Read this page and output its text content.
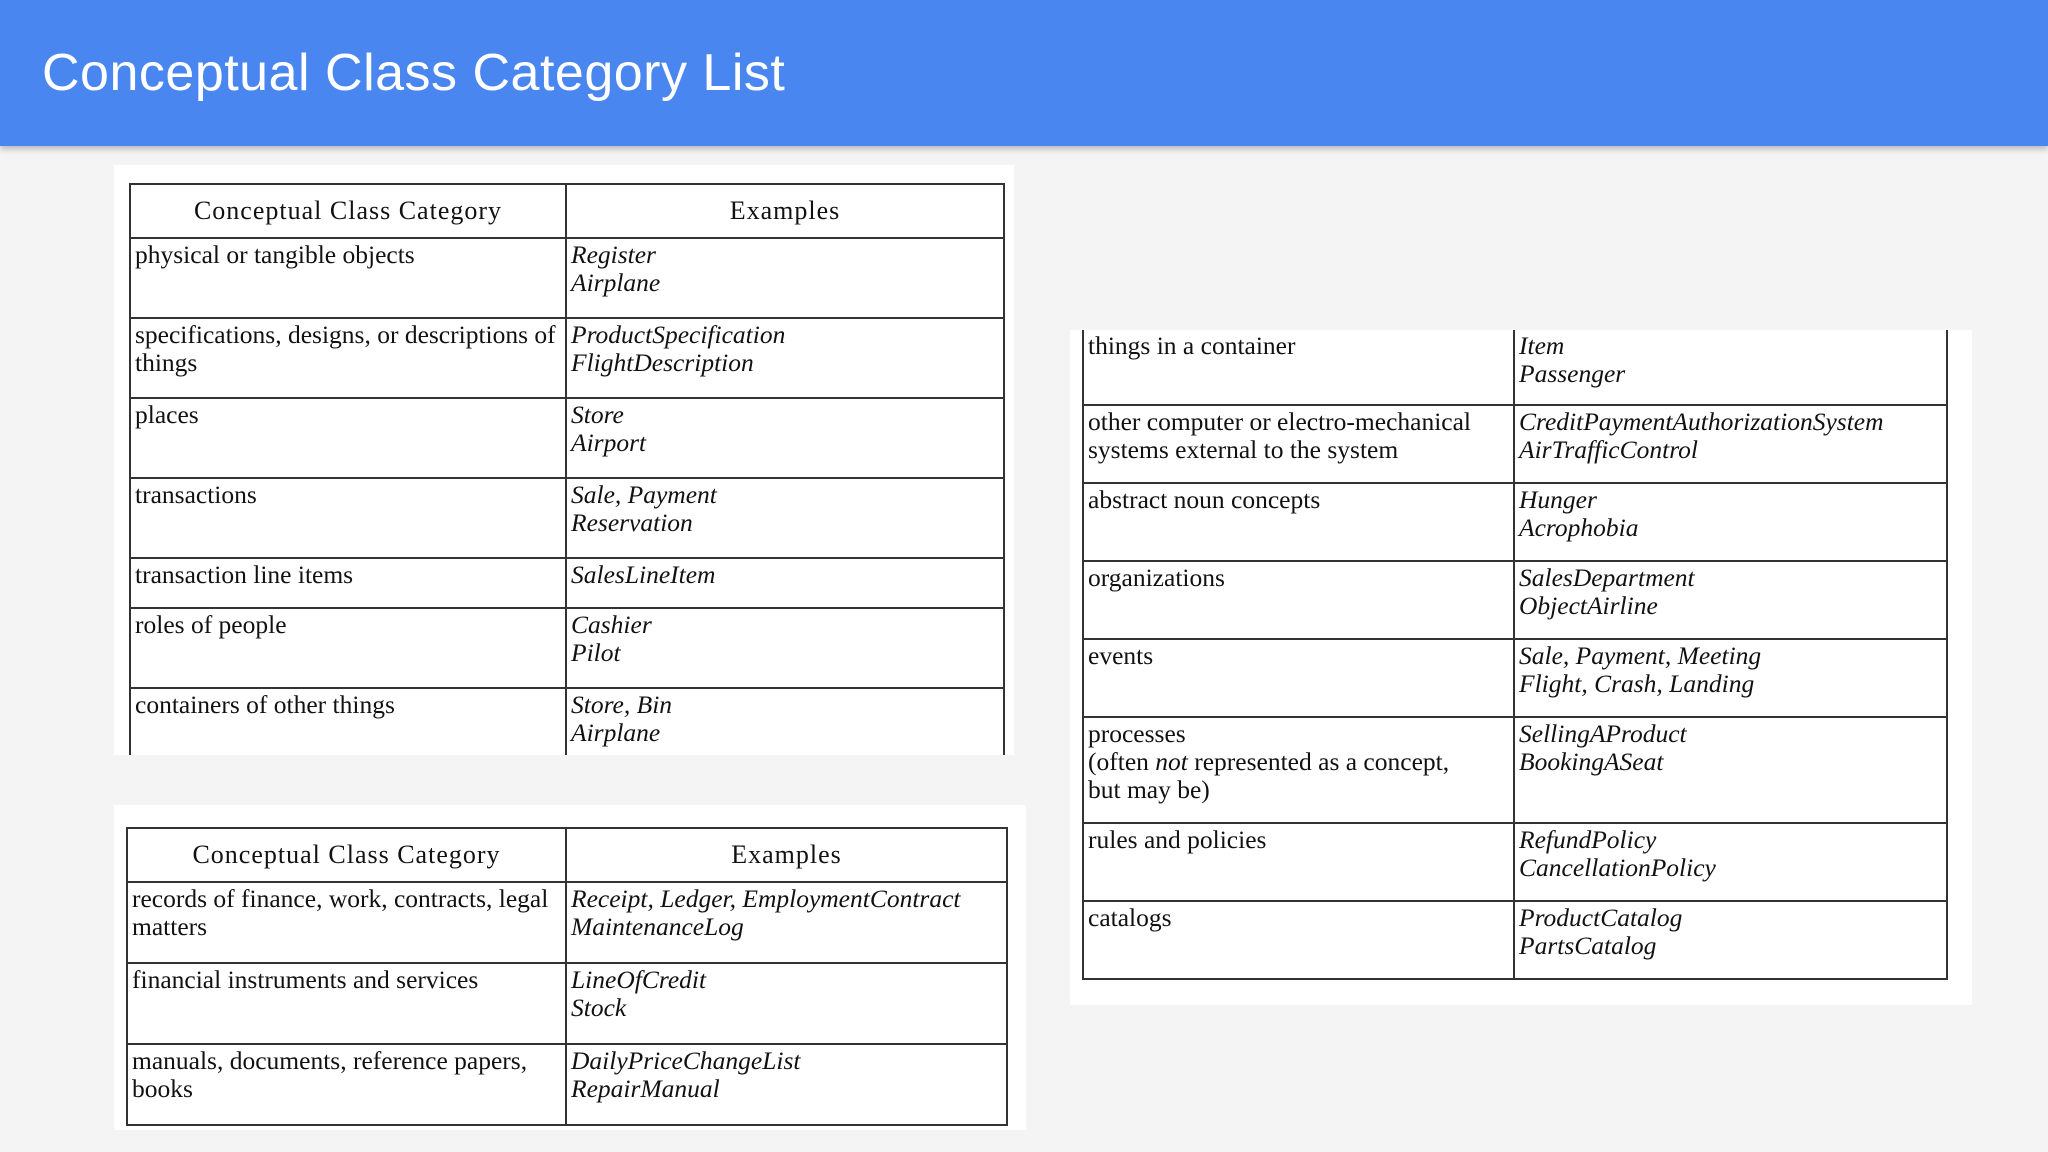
Conceptual Class Category List
Conceptual Class Category	Examples

physical or tangible objects	Register
Airplane

specifications, designs, or descriptions of things	ProductSpecification
FlightDescription

places	Store
Airport

transactions	Sale, Payment
Reservation

transaction line items	SalesLineItem

roles of people	Cashier
Pilot

containers of other things	Store, Bin
Airplane
Conceptual Class Category	Examples

records of finance, work, contracts, legal matters	Receipt, Ledger, EmploymentContract
MaintenanceLog

financial instruments and services	LineOfCredit
Stock

manuals, documents, reference papers, books	DailyPriceChangeList
RepairManual
things in a container	Item
Passenger

other computer or electro-mechanical systems external to the system	CreditPaymentAuthorizationSystem
AirTrafficControl

abstract noun concepts	Hunger
Acrophobia

organizations	SalesDepartment
ObjectAirline

events	Sale, Payment, Meeting
Flight, Crash, Landing

processes
(often not represented as a concept,
but may be)	SellingAProduct
BookingASeat

rules and policies	RefundPolicy
CancellationPolicy

catalogs	ProductCatalog
PartsCatalog
